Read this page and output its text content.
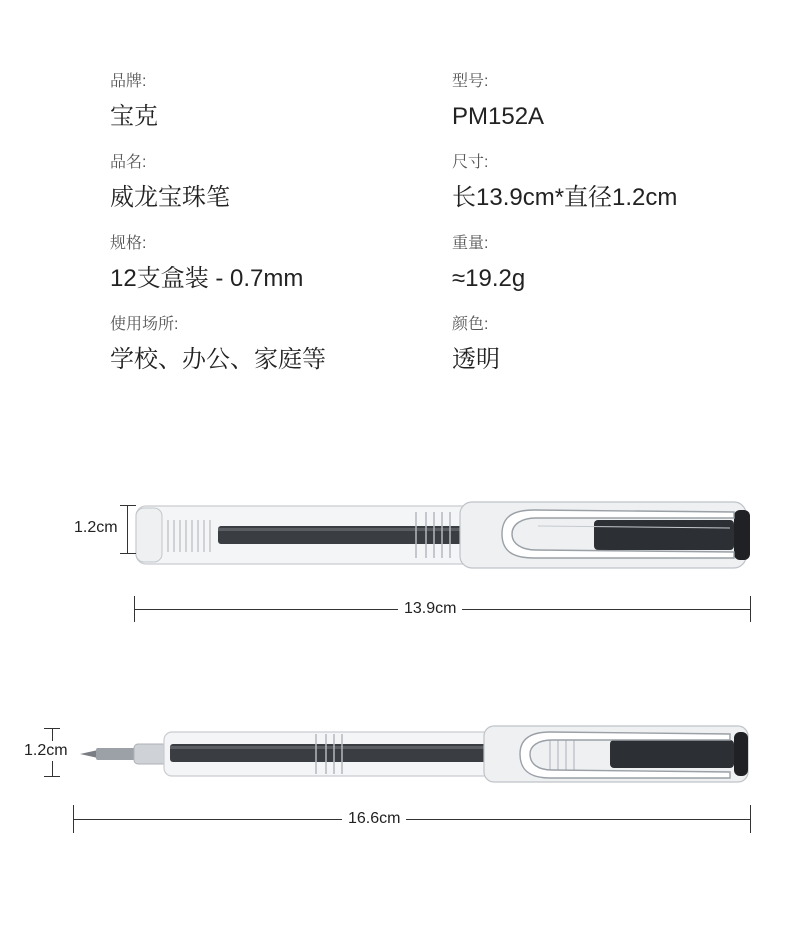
品牌:
宝克
型号:
PM152A
品名:
威龙宝珠笔
尺寸:
长13.9cm*直径1.2cm
规格:
12支盒装 - 0.7mm
重量:
≈19.2g
使用场所:
学校、办公、家庭等
颜色:
透明
1.2cm
13.9cm
1.2cm
16.6cm
